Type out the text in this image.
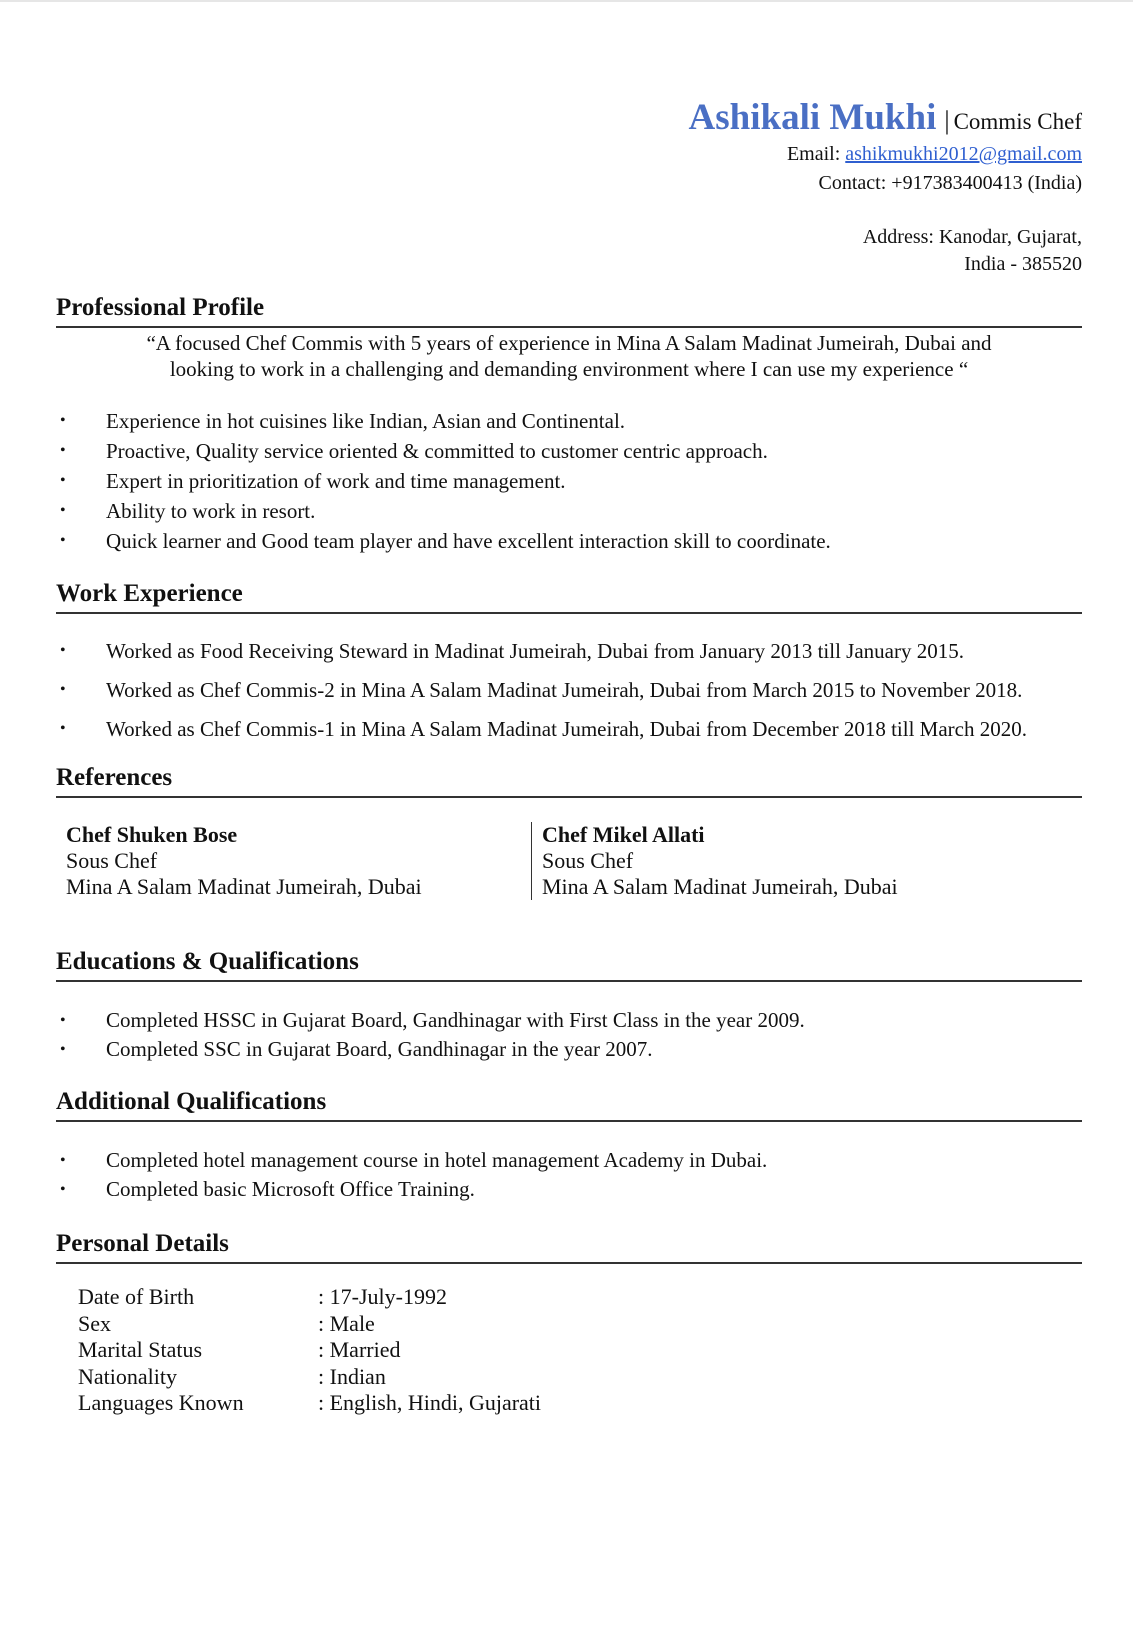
Ashikali Mukhi | Commis Chef
Email: ashikmukhi2012@gmail.com
Contact: +917383400413 (India)
Address: Kanodar, Gujarat,
India - 385520
Professional Profile
“A focused Chef Commis with 5 years of experience in Mina A Salam Madinat Jumeirah, Dubai and
looking to work in a challenging and demanding environment where I can use my experience “
• Experience in hot cuisines like Indian, Asian and Continental.
• Proactive, Quality service oriented & committed to customer centric approach.
• Expert in prioritization of work and time management.
• Ability to work in resort.
• Quick learner and Good team player and have excellent interaction skill to coordinate.
Work Experience
• Worked as Food Receiving Steward in Madinat Jumeirah, Dubai from January 2013 till January 2015.
• Worked as Chef Commis-2 in Mina A Salam Madinat Jumeirah, Dubai from March 2015 to November 2018.
• Worked as Chef Commis-1 in Mina A Salam Madinat Jumeirah, Dubai from December 2018 till March 2020.
References
Chef Shuken Bose
Sous Chef
Mina A Salam Madinat Jumeirah, Dubai
Chef Mikel Allati
Sous Chef
Mina A Salam Madinat Jumeirah, Dubai
Educations & Qualifications
• Completed HSSC in Gujarat Board, Gandhinagar with First Class in the year 2009.
• Completed SSC in Gujarat Board, Gandhinagar in the year 2007.
Additional Qualifications
• Completed hotel management course in hotel management Academy in Dubai.
• Completed basic Microsoft Office Training.
Personal Details
Date of Birth	: 17-July-1992
Sex	: Male
Marital Status	: Married
Nationality	: Indian
Languages Known	: English, Hindi, Gujarati
